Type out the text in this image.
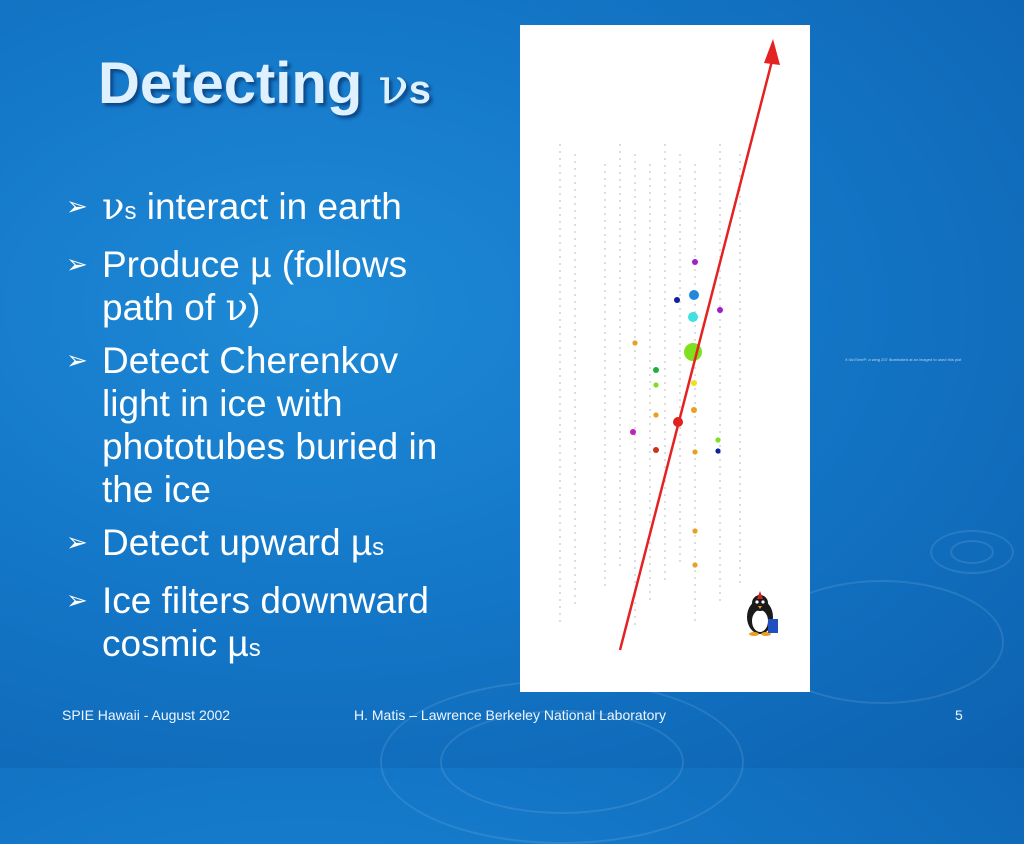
Detecting νs
➢ νs interact in earth
➢ Produce µ (follows
path of ν)
➢ Detect Cherenkov
light in ice with
phototubes buried in
the ice
➢ Detect upward µs
➢ Ice filters downward
cosmic µs
X:\AnTimeP: a wing 207 illuminated at an imaged to used this plot
SPIE Hawaii - August 2002	H. Matis – Lawrence Berkeley National Laboratory	5
